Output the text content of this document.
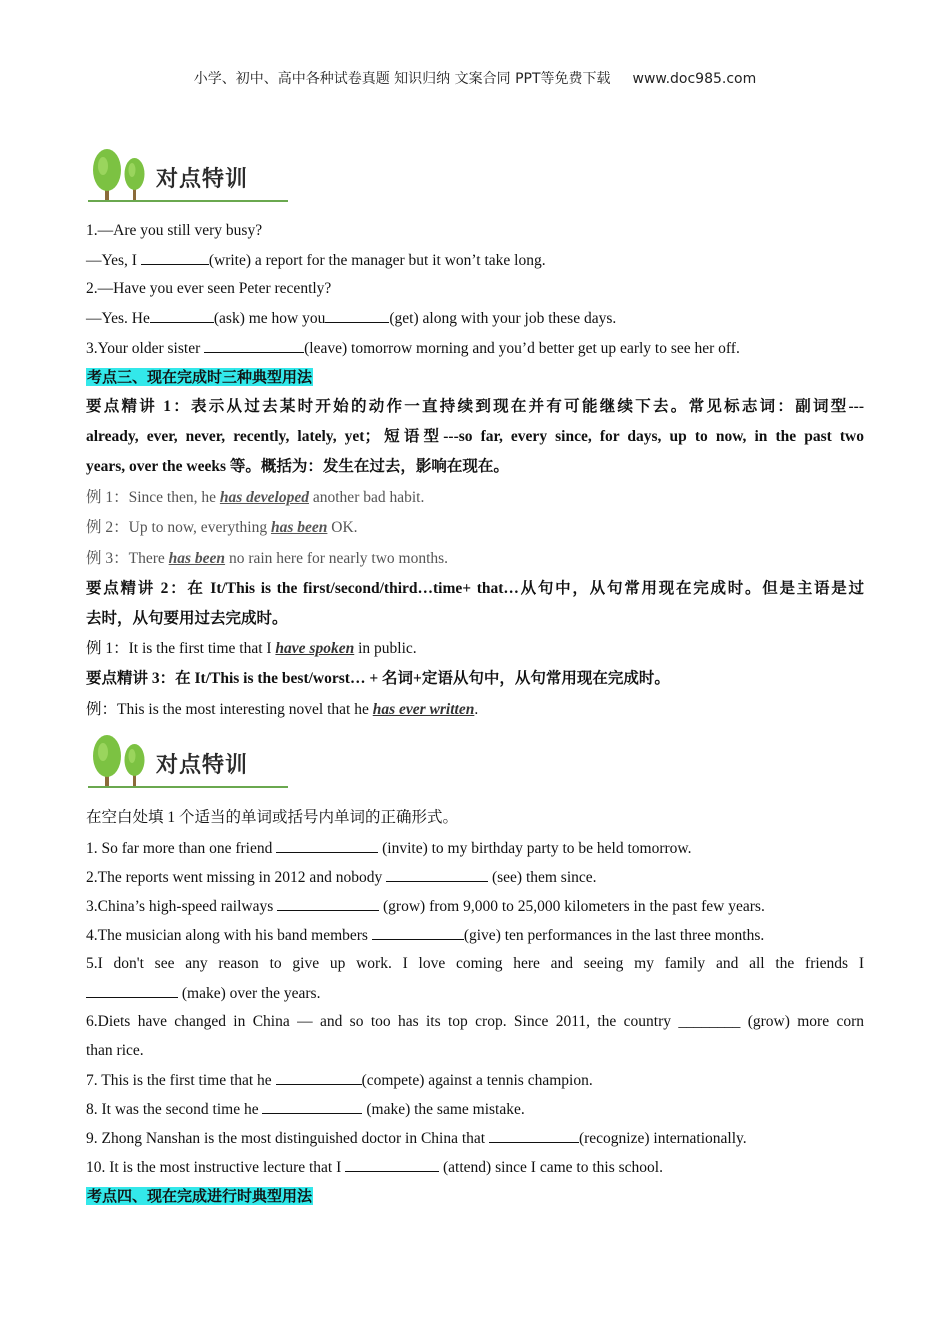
小学、初中、高中各种试卷真题 知识归纳 文案合同 PPT等免费下载 www.doc985.com
对点特训
1.—Are you still very busy?
—Yes, I	(write) a report for the manager but it won’t take long.
2.—Have you ever seen Peter recently?
—Yes. He	(ask) me how you	(get) along with your job these days.
3.Your older sister	(leave) tomorrow morning and you’d better get up early to see her off.
考点三、现在完成时三种典型用法
要点精讲 1：表示从过去某时开始的动作一直持续到现在并有可能继续下去。常见标志词：副词型---
already, ever, never, recently, lately, yet；短语型---so far, every since, for days, up to now, in the past two
years, over the weeks 等。概括为：发生在过去，影响在现在。
例 1：Since then, he has developed another bad habit.
例 2：Up to now, everything has been OK.
例 3：There has been no rain here for nearly two months.
要点精讲 2：在 It/This is the first/second/third…time+ that…从句中，从句常用现在完成时。但是主语是过
去时，从句要用过去完成时。
例 1：It is the first time that I have spoken in public.
要点精讲 3：在 It/This is the best/worst… + 名词+定语从句中，从句常用现在完成时。
例：This is the most interesting novel that he has ever written.
对点特训
在空白处填 1 个适当的单词或括号内单词的正确形式。
1. So far more than one friend	(invite) to my birthday party to be held tomorrow.
2.The reports went missing in 2012 and nobody	(see) them since.
3.China’s high-speed railways	(grow) from 9,000 to 25,000 kilometers in the past few years.
4.The musician along with his band members	(give) ten performances in the last three months.
5.I don't see any reason to give up work. I love coming here and seeing my family and all the friends I
(make) over the years.
6.Diets have changed in China — and so too has its top crop. Since 2011, the country ________ (grow) more corn
than rice.
7. This is the first time that he	(compete) against a tennis champion.
8. It was the second time he	(make) the same mistake.
9. Zhong Nanshan is the most distinguished doctor in China that	(recognize) internationally.
10. It is the most instructive lecture that I	(attend) since I came to this school.
考点四、现在完成进行时典型用法
